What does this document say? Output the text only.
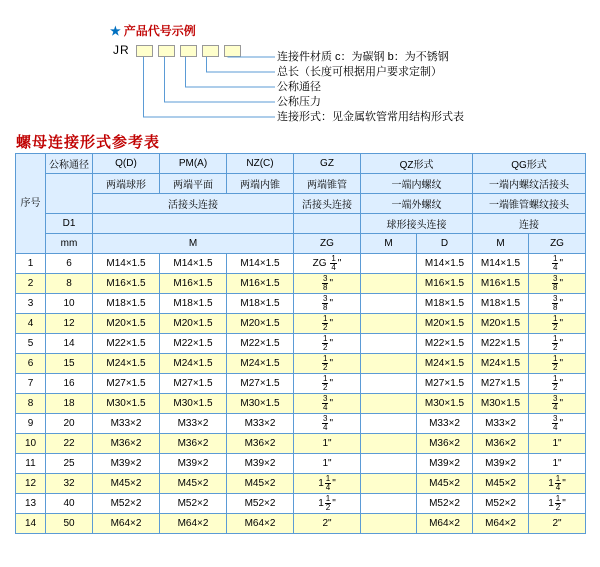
★ 产品代号示例
JR	连接件材质 c：为碳钢 b：为不锈钢
总长（长度可根据用户要求定制）
公称通径
公称压力
连接形式：见金属软管常用结构形式表
螺母连接形式参考表
序号	公称通径	Q(D)	PM(A)	NZ(C)	GZ	QZ形式		QG形式	
		两端球形	两端平面	两端内锥	两端锥管	一端内螺纹		一端内螺纹活接头	
		活接头连接			活接头连接	一端外螺纹		一端锥管螺纹接头	
	D1					球形接头连接		连接	
	mm	M			ZG	M	D	M	ZG
1	6	M14×1.5	M14×1.5	M14×1.5	ZG $\frac{1}{4}$ "		M14×1.5	M14×1.5	$\frac{1}{4}$ "
2	8	M16×1.5	M16×1.5	M16×1.5	$\frac{3}{8}$ "		M16×1.5	M16×1.5	$\frac{3}{8}$ "
3	10	M18×1.5	M18×1.5	M18×1.5	$\frac{3}{8}$ "		M18×1.5	M18×1.5	$\frac{3}{8}$ "
4	12	M20×1.5	M20×1.5	M20×1.5	$\frac{1}{2}$ "		M20×1.5	M20×1.5	$\frac{1}{2}$ "
5	14	M22×1.5	M22×1.5	M22×1.5	$\frac{1}{2}$ "		M22×1.5	M22×1.5	$\frac{1}{2}$ "
6	15	M24×1.5	M24×1.5	M24×1.5	$\frac{1}{2}$ "		M24×1.5	M24×1.5	$\frac{1}{2}$ "
7	16	M27×1.5	M27×1.5	M27×1.5	$\frac{1}{2}$ "		M27×1.5	M27×1.5	$\frac{1}{2}$ "
8	18	M30×1.5	M30×1.5	M30×1.5	$\frac{3}{4}$ "		M30×1.5	M30×1.5	$\frac{3}{4}$ "
9	20	M33×2	M33×2	M33×2	$\frac{3}{4}$ "		M33×2	M33×2	$\frac{3}{4}$ "
10	22	M36×2	M36×2	M36×2	1"		M36×2	M36×2	1"
11	25	M39×2	M39×2	M39×2	1"		M39×2	M39×2	1"
12	32	M45×2	M45×2	M45×2	$1 \frac{1}{4}$ "		M45×2	M45×2	$1 \frac{1}{4}$ "
13	40	M52×2	M52×2	M52×2	$1 \frac{1}{2}$ "		M52×2	M52×2	$1 \frac{1}{2}$ "
14	50	M64×2	M64×2	M64×2	2"		M64×2	M64×2	2"
